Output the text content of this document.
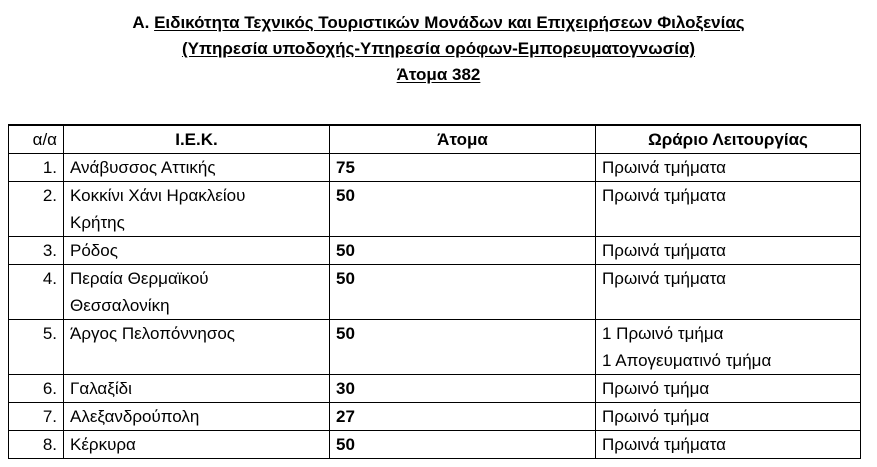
Α. Ειδικότητα Τεχνικός Τουριστικών Μονάδων και Επιχειρήσεων Φιλοξενίας
(Υπηρεσία υποδοχής-Υπηρεσία ορόφων-Εμπορευματογνωσία)
Άτομα 382
α/α	Ι.Ε.Κ.	Άτομα	Ωράριο Λειτουργίας
1.	Ανάβυσσος Αττικής	75	Πρωινά τμήματα

2.	Κοκκίνι Χάνι Ηρακλείου
Κρήτης	50	Πρωινά τμήματα

3.	Ρόδος	50	Πρωινά τμήματα

4.	Περαία Θερμαϊκού
Θεσσαλονίκη	50	Πρωινά τμήματα

5.	Άργος Πελοπόννησος	50	1 Πρωινό τμήμα
1 Απογευματινό τμήμα

6.	Γαλαξίδι	30	Πρωινό τμήμα

7.	Αλεξανδρούπολη	27	Πρωινό τμήμα

8.	Κέρκυρα	50	Πρωινά τμήματα
